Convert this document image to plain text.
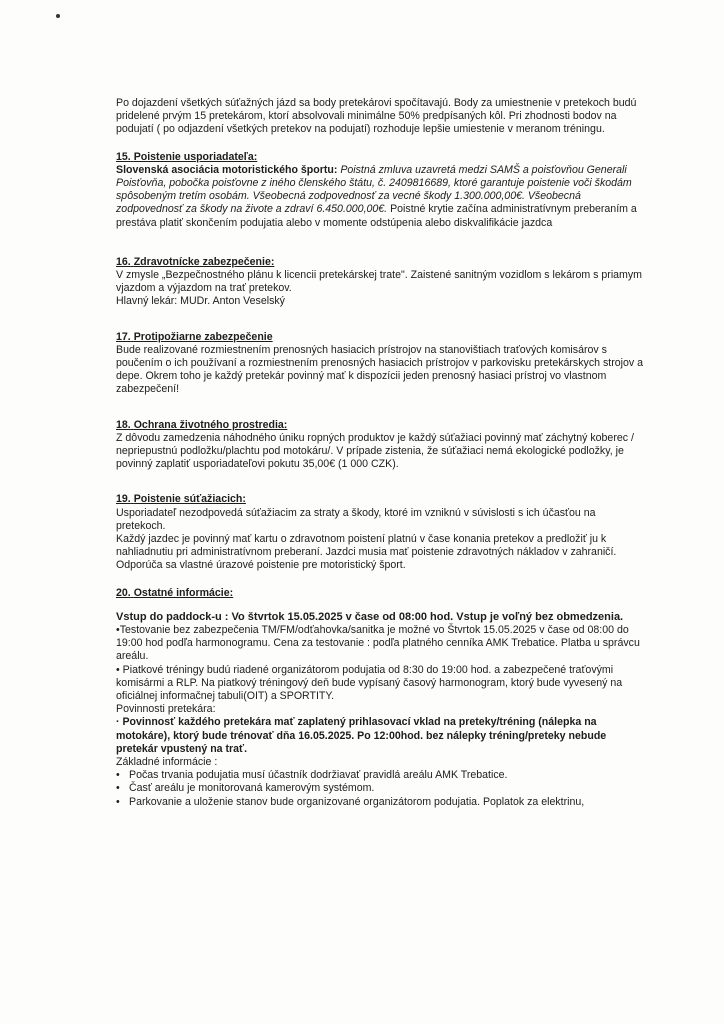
Po dojazdení všetkých súťažných jázd sa body pretekárovi spočítavajú. Body za umiestnenie v pretekoch budú pridelené prvým 15 pretekárom, ktorí absolvovali minimálne 50% predpísaných kôl. Pri zhodnosti bodov na podujatí ( po odjazdení všetkých pretekov na podujatí) rozhoduje lepšie umiestenie v meranom tréningu.

15. Poistenie usporiadateľa:

Slovenská asociácia motoristického športu: Poistná zmluva uzavretá medzi SAMŠ a poisťovňou Generali Poisťovňa, pobočka poisťovne z iného členského štátu, č. 2409816689, ktoré garantuje poistenie voči škodám spôsobeným tretím osobám. Všeobecná zodpovednosť za vecné škody 1.300.000,00€. Všeobecná zodpovednosť za škody na živote a zdraví 6.450.000,00€. Poistné krytie začína administratívnym preberaním a prestáva platiť skončením podujatia alebo v momente odstúpenia alebo diskvalifikácie jazdca

16. Zdravotnícke zabezpečenie:

V zmysle „Bezpečnostného plánu k licencii pretekárskej trate". Zaistené sanitným vozidlom s lekárom s priamym vjazdom a výjazdom na trať pretekov.

Hlavný lekár: MUDr. Anton Veselský

17. Protipožiarne zabezpečenie

Bude realizované rozmiestnením prenosných hasiacich prístrojov na stanovištiach traťových komisárov s poučením o ich používaní a rozmiestnením prenosných hasiacich prístrojov v parkovisku pretekárskych strojov a depe. Okrem toho je každý pretekár povinný mať k dispozícii jeden prenosný hasiaci prístroj vo vlastnom zabezpečení!

18. Ochrana životného prostredia:

Z dôvodu zamedzenia náhodného úniku ropných produktov je každý súťažiaci povinný mať záchytný koberec / nepriepustnú podložku/plachtu pod motokáru/. V prípade zistenia, že súťažiaci nemá ekologické podložky, je povinný zaplatiť usporiadateľovi pokutu 35,00€ (1 000 CZK).

19. Poistenie súťažiacich:

Usporiadateľ nezodpovedá súťažiacim za straty a škody, ktoré im vzniknú v súvislosti s ich účasťou na pretekoch.

Každý jazdec je povinný mať kartu o zdravotnom poistení platnú v čase konania pretekov a predložiť ju k nahliadnutiu pri administratívnom preberaní. Jazdci musia mať poistenie zdravotných nákladov v zahraničí. Odporúča sa vlastné úrazové poistenie pre motoristický šport.

20. Ostatné informácie:

Vstup do paddock-u : Vo štvrtok 15.05.2025 v čase od 08:00 hod. Vstup je voľný bez obmedzenia.

•Testovanie bez zabezpečenia TM/FM/odťahovka/sanitka je možné vo Štvrtok 15.05.2025 v čase od 08:00 do 19:00 hod podľa harmonogramu. Cena za testovanie : podľa platného cenníka AMK Trebatice. Platba u správcu areálu.

• Piatkové tréningy budú riadené organizátorom podujatia od 8:30 do 19:00 hod. a zabezpečené traťovými komisármi a RLP. Na piatkový tréningový deň bude vypísaný časový harmonogram, ktorý bude vyvesený na oficiálnej informačnej tabuli(OIT) a SPORTITY.

Povinnosti pretekára:

· Povinnosť každého pretekára mať zaplatený prihlasovací vklad na preteky/tréning (nálepka na motokáre), ktorý bude trénovať dňa 16.05.2025. Po 12:00hod. bez nálepky tréning/preteky nebude pretekár vpustený na trať.

Základné informácie :

• Počas trvania podujatia musí účastník dodržiavať pravidlá areálu AMK Trebatice.
• Časť areálu je monitorovaná kamerovým systémom.
• Parkovanie a uloženie stanov bude organizované organizátorom podujatia. Poplatok za elektrinu,
